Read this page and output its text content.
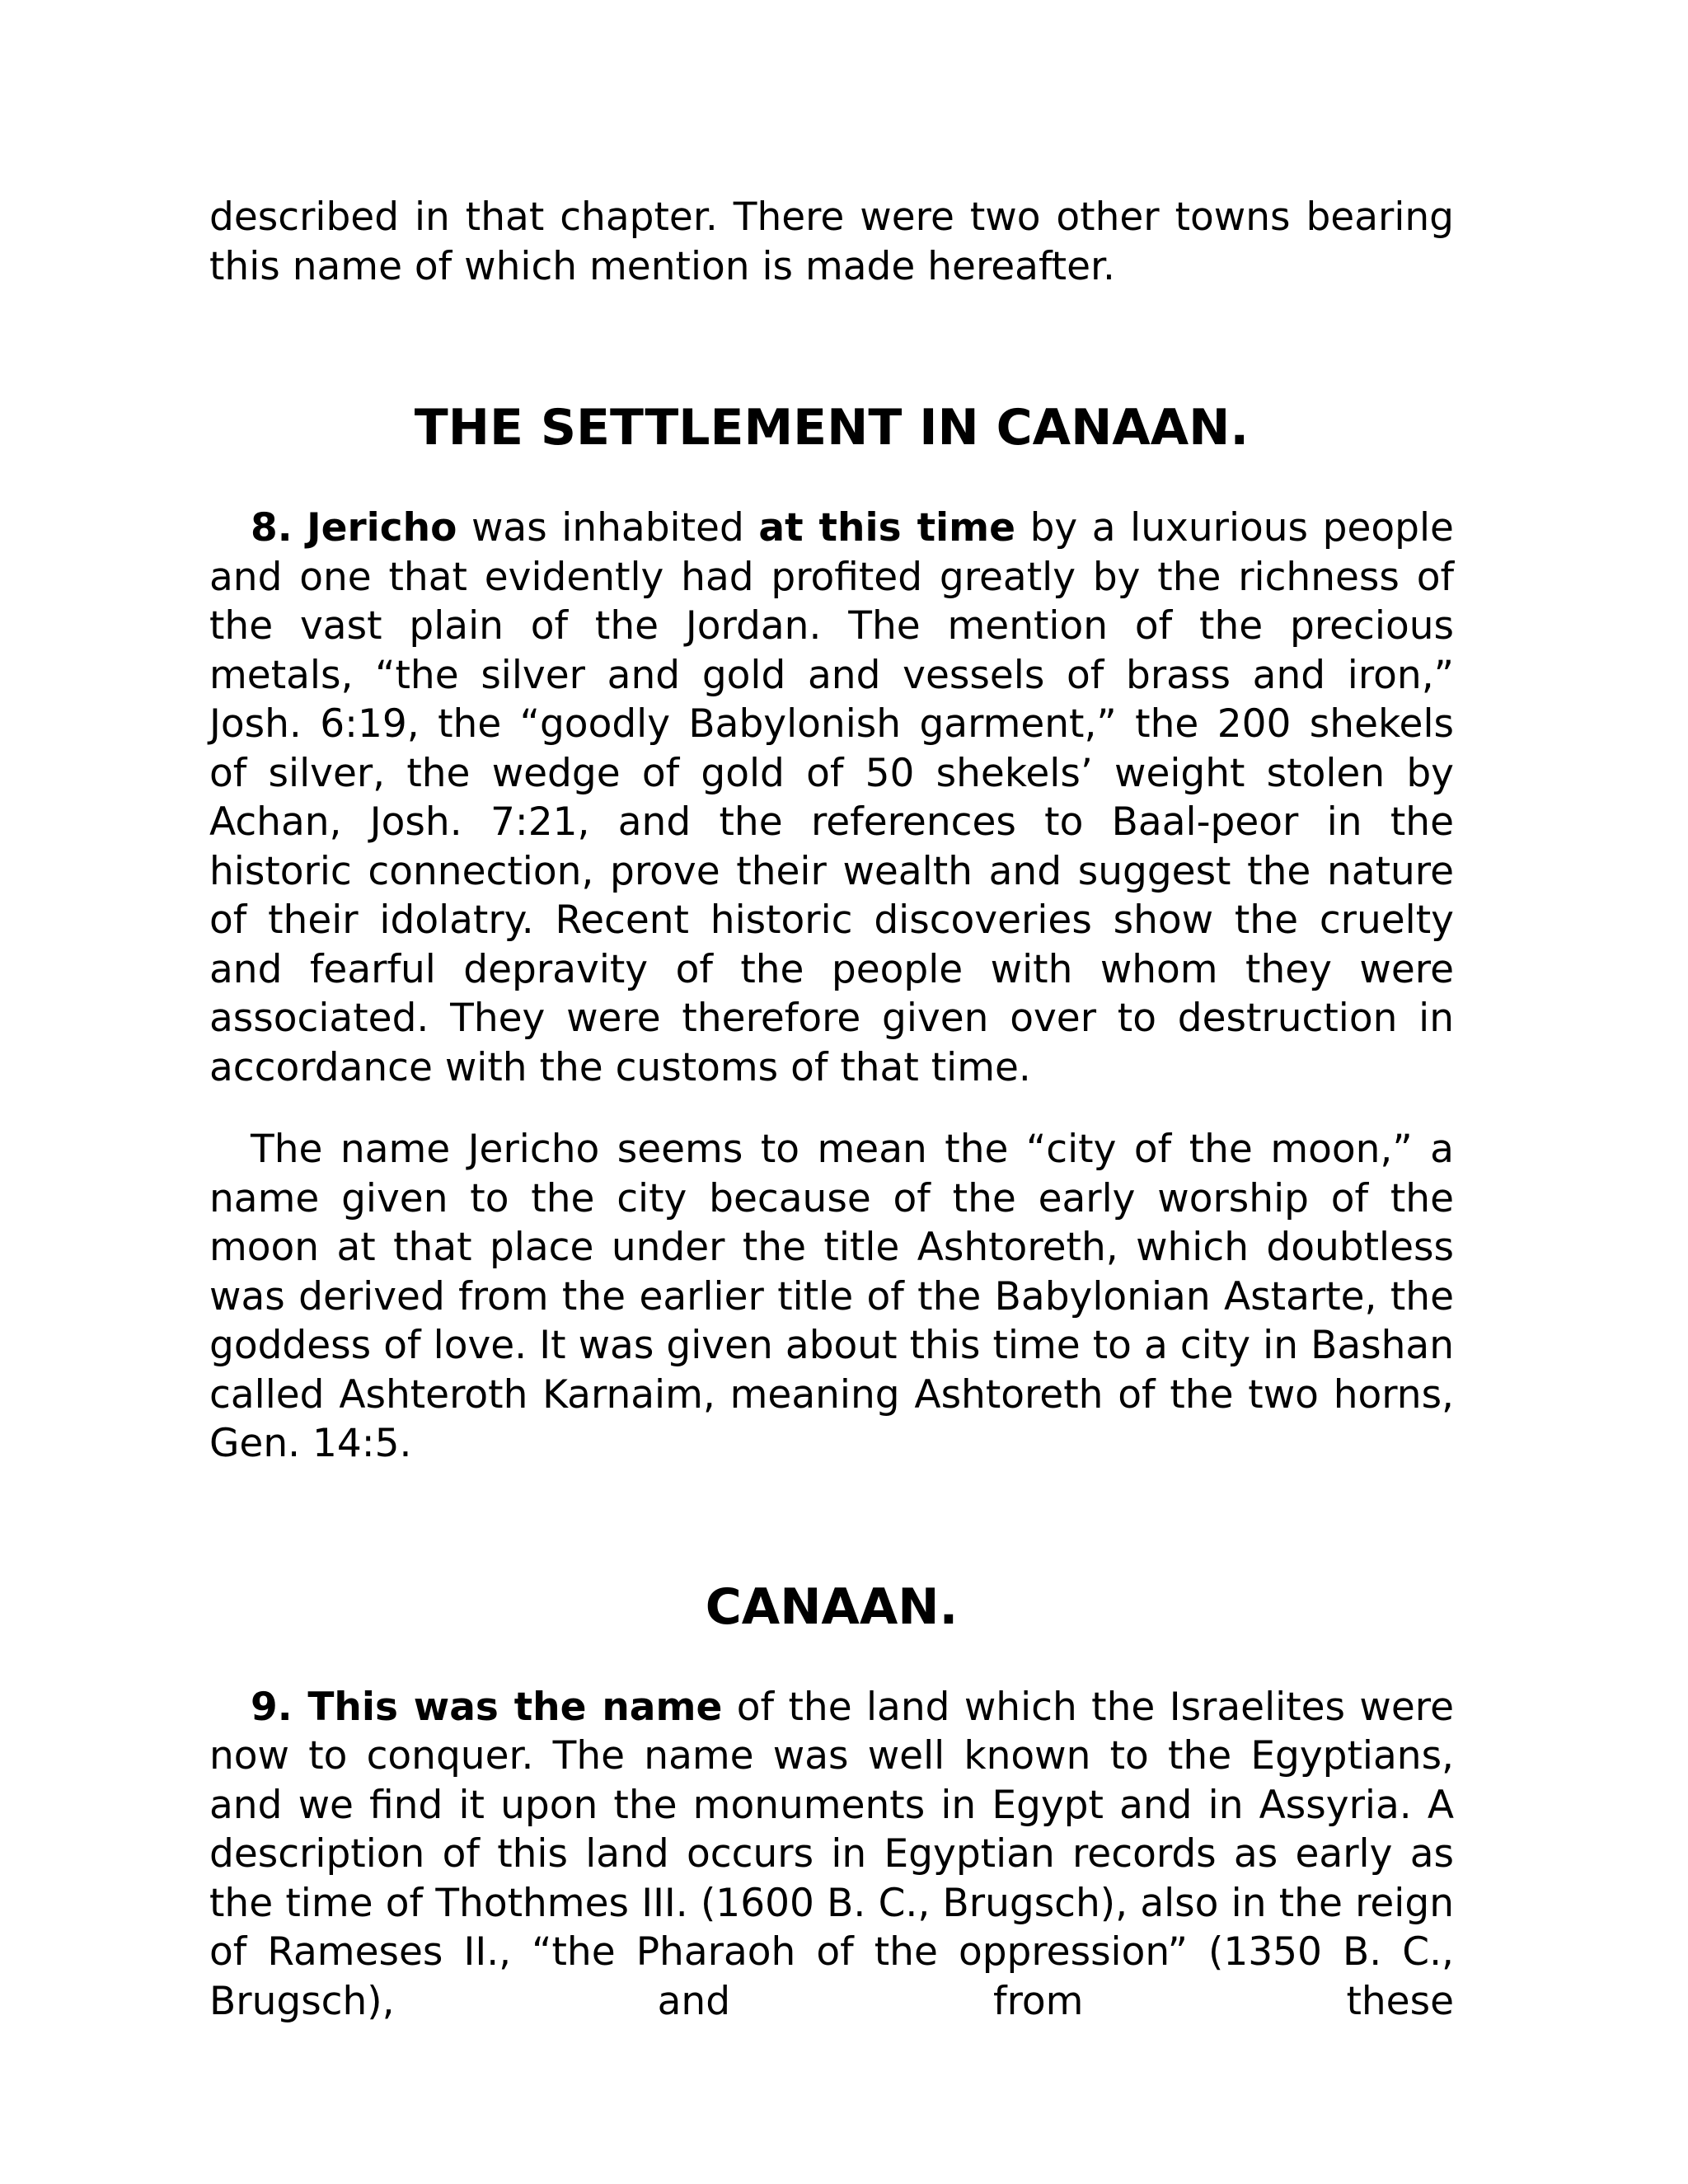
described in that chapter. There were two other towns bearing this name of which mention is made hereafter.

THE SETTLEMENT IN CANAAN.

8. Jericho was inhabited at this time by a luxurious people and one that evidently had profited greatly by the richness of the vast plain of the Jordan. The mention of the precious metals, “the silver and gold and vessels of brass and iron,” Josh. 6:19, the “goodly Babylonish garment,” the 200 shekels of silver, the wedge of gold of 50 shekels’ weight stolen by Achan, Josh. 7:21, and the references to Baal-peor in the historic connection, prove their wealth and suggest the nature of their idolatry. Recent historic discoveries show the cruelty and fearful depravity of the people with whom they were associated. They were therefore given over to destruction in accordance with the customs of that time.

The name Jericho seems to mean the “city of the moon,” a name given to the city because of the early worship of the moon at that place under the title Ashtoreth, which doubtless was derived from the earlier title of the Babylonian Astarte, the goddess of love. It was given about this time to a city in Bashan called Ashteroth Karnaim, meaning Ashtoreth of the two horns, Gen. 14:5.

CANAAN.

9. This was the name of the land which the Israelites were now to conquer. The name was well known to the Egyptians, and we find it upon the monuments in Egypt and in Assyria. A description of this land occurs in Egyptian records as early as the time of Thothmes III. (1600 B. C., Brugsch), also in the reign of Rameses II., “the Pharaoh of the oppression” (1350 B. C., Brugsch), and from these
